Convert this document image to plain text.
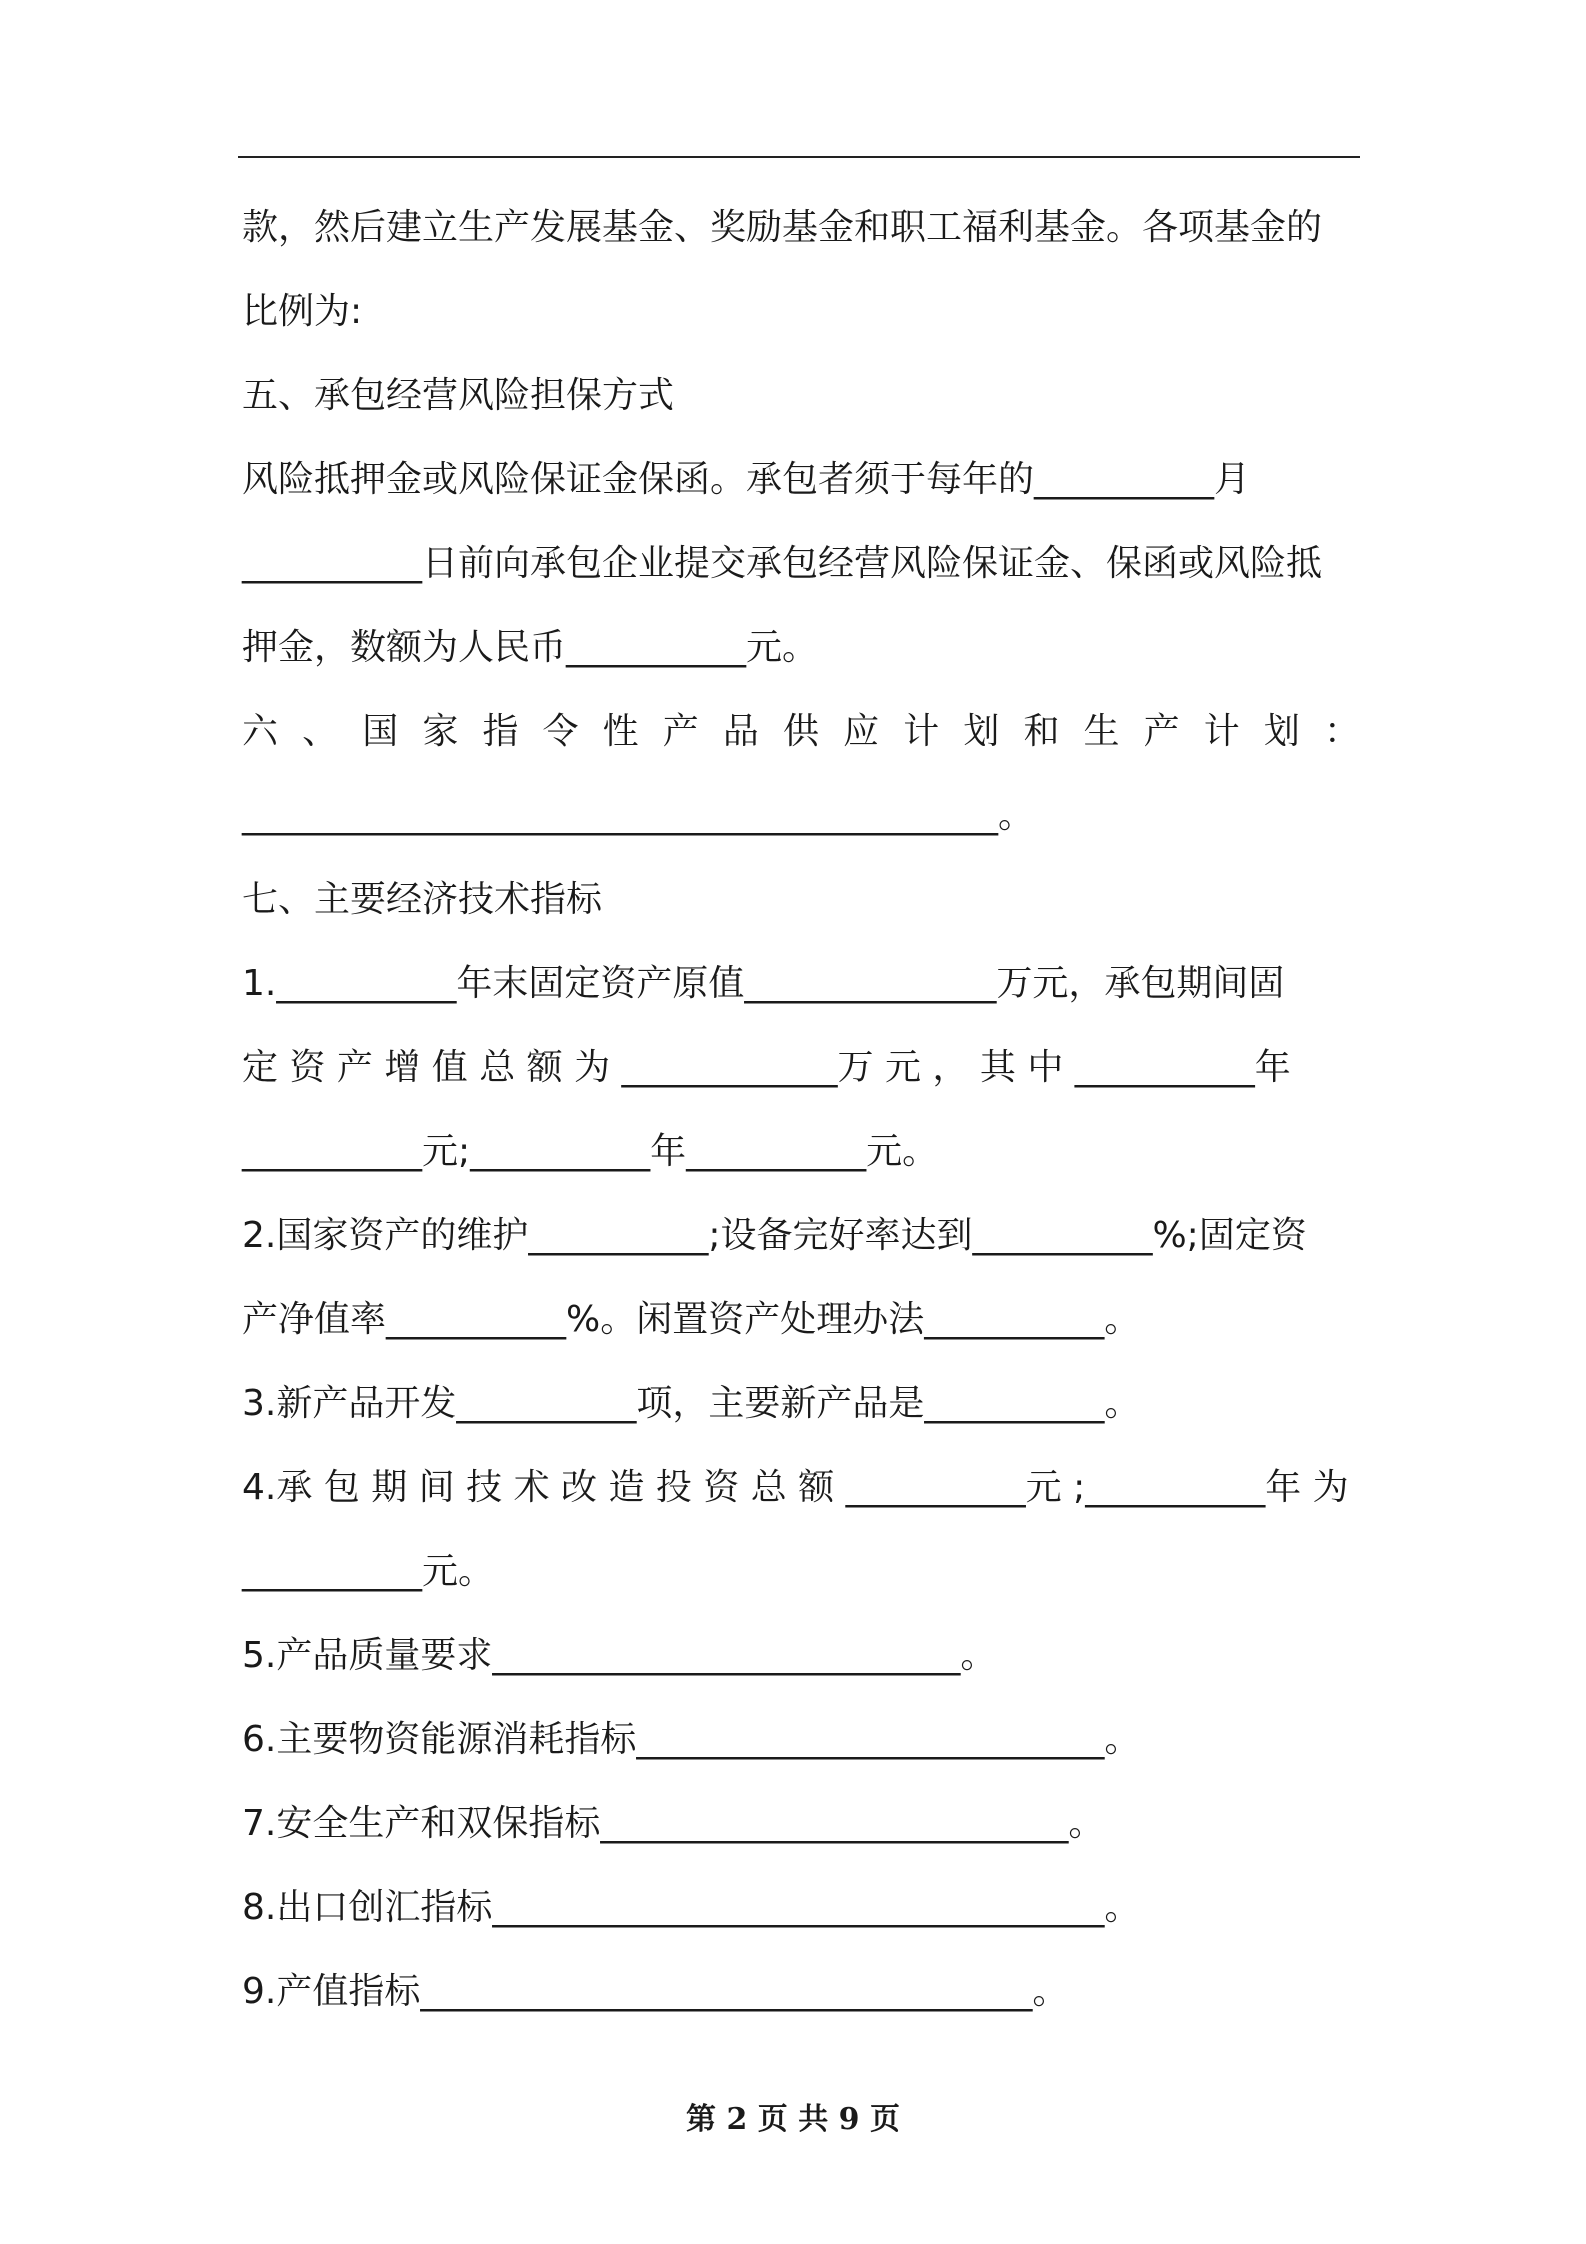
款，然后建立生产发展基金、奖励基金和职工福利基金。各项基金的
比例为:
五、承包经营风险担保方式
风险抵押金或风险保证金保函。承包者须于每年的__________月
__________日前向承包企业提交承包经营风险保证金、保函或风险抵
押金，数额为人民币__________元。
六 、 国 家 指 令 性 产 品 供 应 计 划 和 生 产 计 划 ：
__________________________________________。
七、主要经济技术指标
1.__________年末固定资产原值______________万元，承包期间固
定 资 产 增 值 总 额 为 ____________万 元 ， 其 中 __________年
__________元;__________年__________元。
2.国家资产的维护__________;设备完好率达到__________%;固定资
产净值率__________%。闲置资产处理办法__________。
3.新产品开发__________项，主要新产品是__________。
4.承 包 期 间 技 术 改 造 投 资 总 额 __________元 ;__________年 为
__________元。
5.产品质量要求__________________________。
6.主要物资能源消耗指标__________________________。
7.安全生产和双保指标__________________________。
8.出口创汇指标__________________________________。
9.产值指标__________________________________。
第 2 页 共 9 页
